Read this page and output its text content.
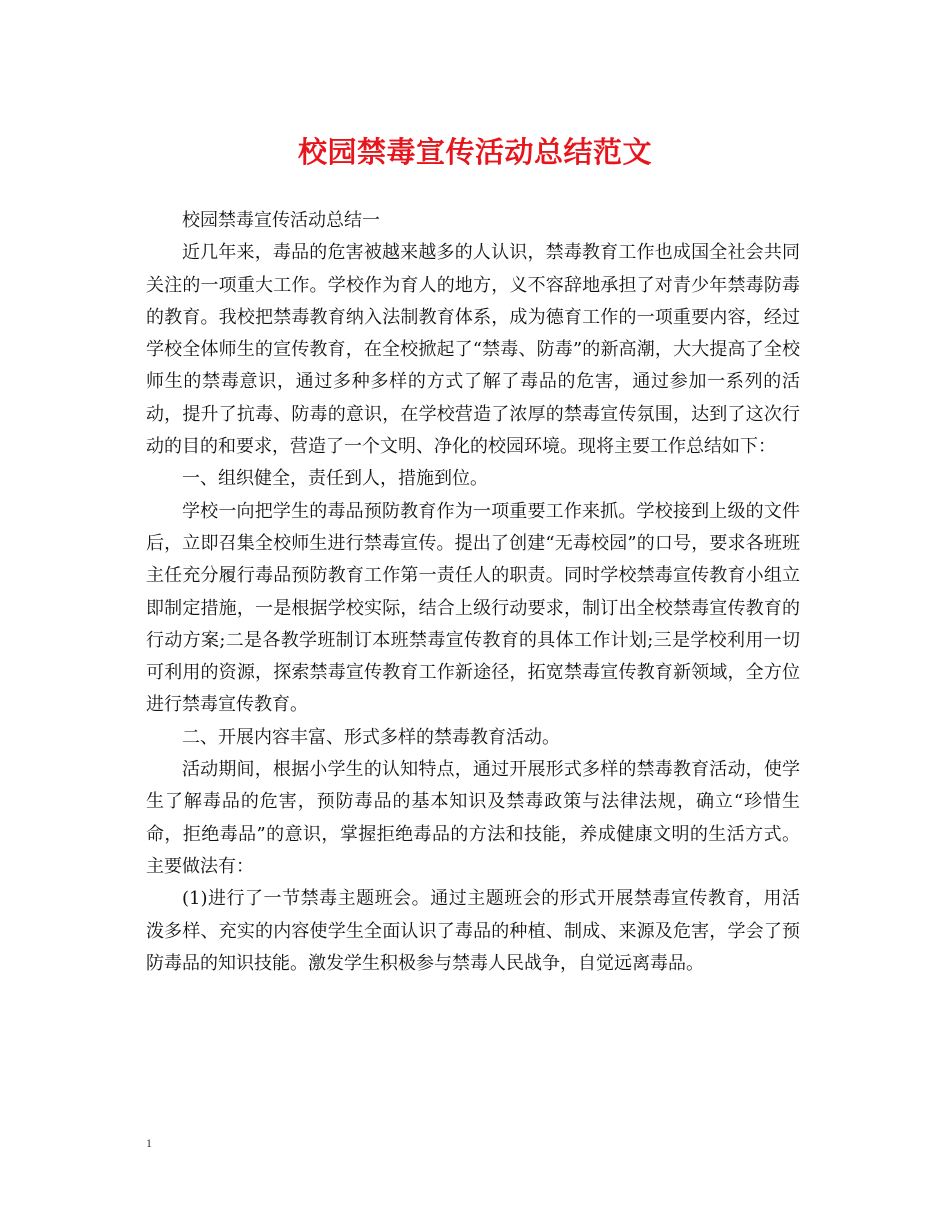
校园禁毒宣传活动总结范文

校园禁毒宣传活动总结一

近几年来，毒品的危害被越来越多的人认识，禁毒教育工作也成国全社会共同关注的一项重大工作。学校作为育人的地方，义不容辞地承担了对青少年禁毒防毒的教育。我校把禁毒教育纳入法制教育体系，成为德育工作的一项重要内容，经过学校全体师生的宣传教育，在全校掀起了“禁毒、防毒”的新高潮，大大提高了全校师生的禁毒意识，通过多种多样的方式了解了毒品的危害，通过参加一系列的活动，提升了抗毒、防毒的意识，在学校营造了浓厚的禁毒宣传氛围，达到了这次行动的目的和要求，营造了一个文明、净化的校园环境。现将主要工作总结如下：

一、组织健全，责任到人，措施到位。

学校一向把学生的毒品预防教育作为一项重要工作来抓。学校接到上级的文件后，立即召集全校师生进行禁毒宣传。提出了创建“无毒校园”的口号，要求各班班主任充分履行毒品预防教育工作第一责任人的职责。同时学校禁毒宣传教育小组立即制定措施，一是根据学校实际，结合上级行动要求，制订出全校禁毒宣传教育的行动方案;二是各教学班制订本班禁毒宣传教育的具体工作计划;三是学校利用一切可利用的资源，探索禁毒宣传教育工作新途径，拓宽禁毒宣传教育新领域，全方位进行禁毒宣传教育。

二、开展内容丰富、形式多样的禁毒教育活动。

活动期间，根据小学生的认知特点，通过开展形式多样的禁毒教育活动，使学生了解毒品的危害，预防毒品的基本知识及禁毒政策与法律法规，确立“珍惜生命，拒绝毒品”的意识，掌握拒绝毒品的方法和技能，养成健康文明的生活方式。主要做法有：

(1)进行了一节禁毒主题班会。通过主题班会的形式开展禁毒宣传教育，用活泼多样、充实的内容使学生全面认识了毒品的种植、制成、来源及危害，学会了预防毒品的知识技能。激发学生积极参与禁毒人民战争，自觉远离毒品。

1
